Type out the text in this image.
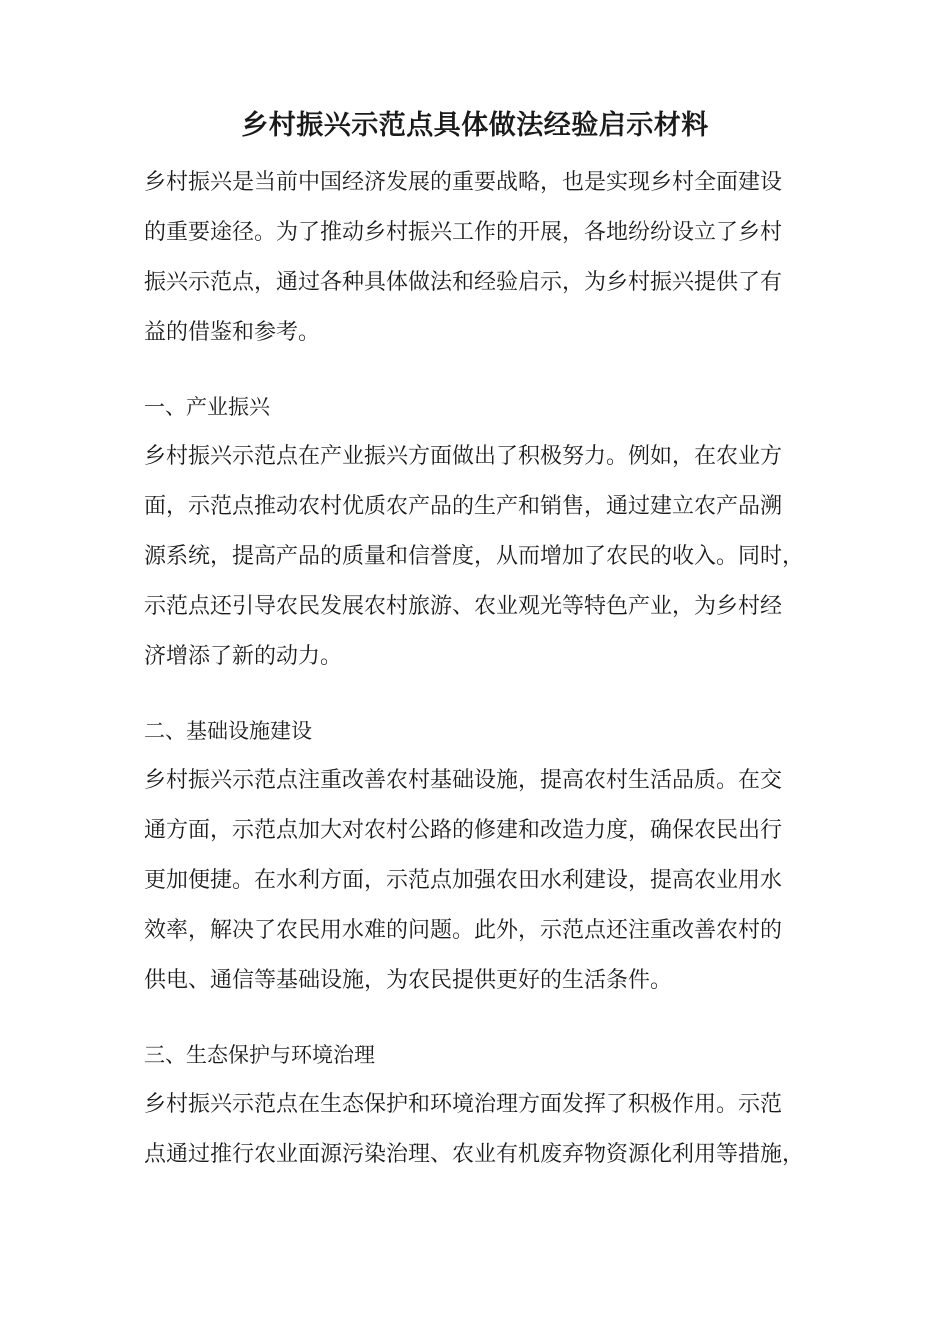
乡村振兴示范点具体做法经验启示材料

乡村振兴是当前中国经济发展的重要战略，也是实现乡村全面建设

的重要途径。为了推动乡村振兴工作的开展，各地纷纷设立了乡村

振兴示范点，通过各种具体做法和经验启示，为乡村振兴提供了有

益的借鉴和参考。

一、产业振兴

乡村振兴示范点在产业振兴方面做出了积极努力。例如，在农业方

面，示范点推动农村优质农产品的生产和销售，通过建立农产品溯

源系统，提高产品的质量和信誉度，从而增加了农民的收入。同时，

示范点还引导农民发展农村旅游、农业观光等特色产业，为乡村经

济增添了新的动力。

二、基础设施建设

乡村振兴示范点注重改善农村基础设施，提高农村生活品质。在交

通方面，示范点加大对农村公路的修建和改造力度，确保农民出行

更加便捷。在水利方面，示范点加强农田水利建设，提高农业用水

效率，解决了农民用水难的问题。此外，示范点还注重改善农村的

供电、通信等基础设施，为农民提供更好的生活条件。

三、生态保护与环境治理

乡村振兴示范点在生态保护和环境治理方面发挥了积极作用。示范

点通过推行农业面源污染治理、农业有机废弃物资源化利用等措施，
